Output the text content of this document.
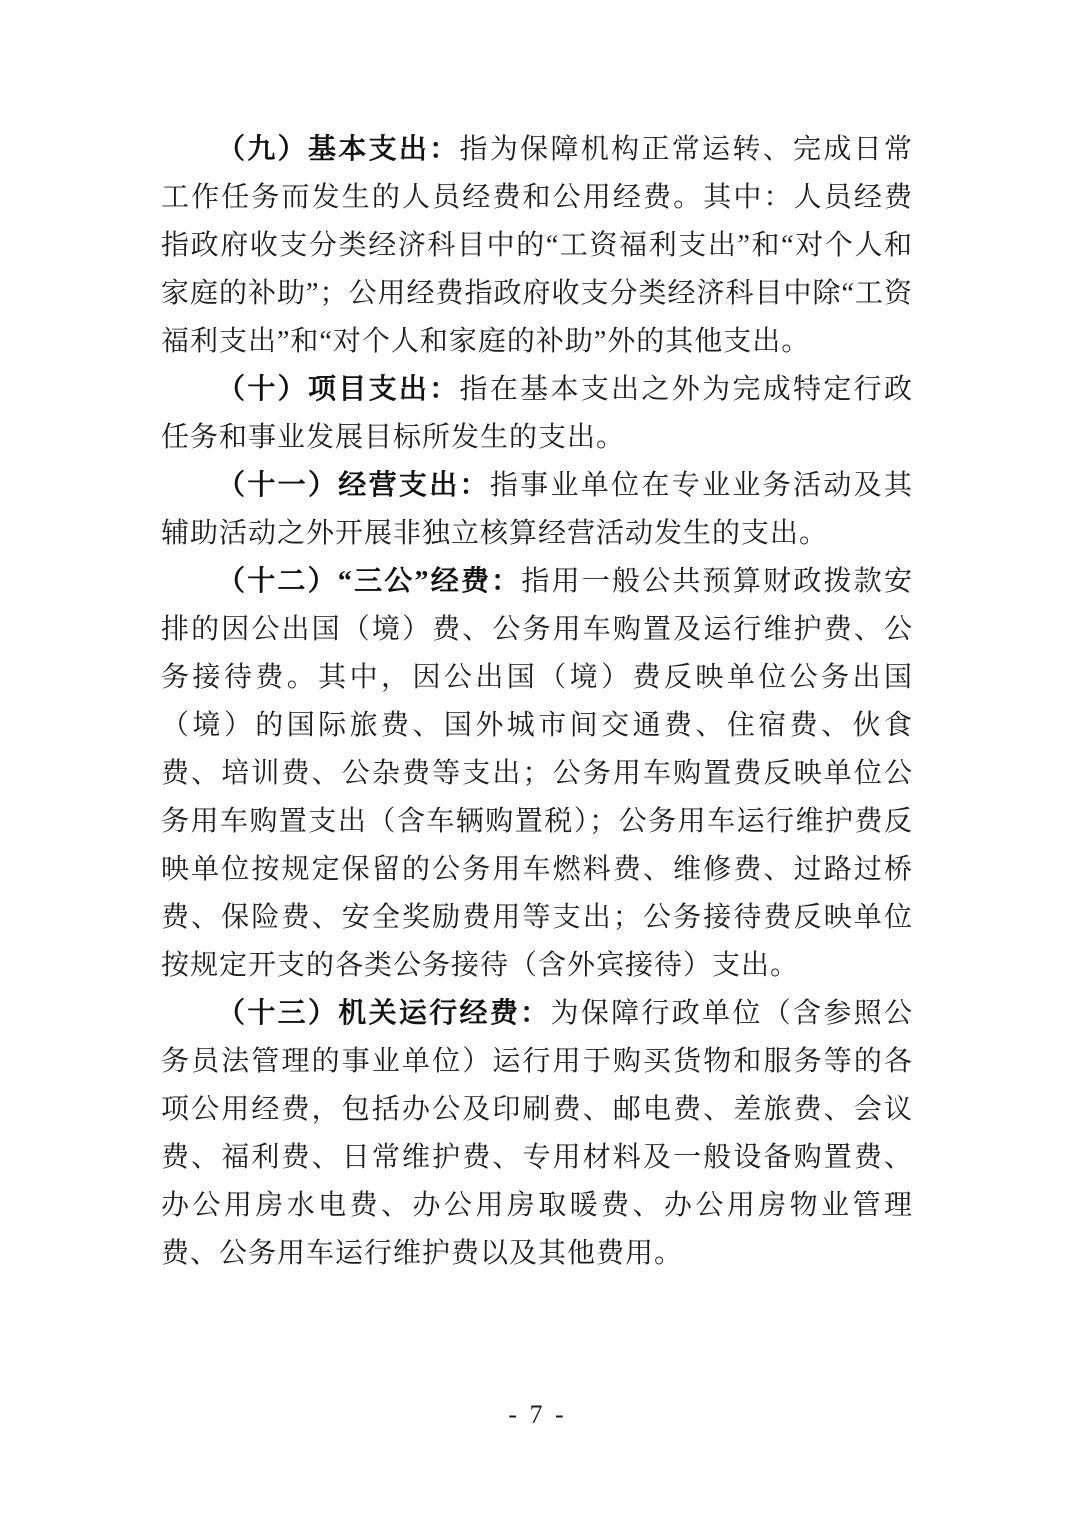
（九）基本支出：指为保障机构正常运转、完成日常工作任务而发生的人员经费和公用经费。其中：人员经费指政府收支分类经济科目中的“工资福利支出”和“对个人和家庭的补助”；公用经费指政府收支分类经济科目中除“工资福利支出”和“对个人和家庭的补助”外的其他支出。

（十）项目支出：指在基本支出之外为完成特定行政任务和事业发展目标所发生的支出。

（十一）经营支出：指事业单位在专业业务活动及其辅助活动之外开展非独立核算经营活动发生的支出。

（十二）“三公”经费：指用一般公共预算财政拨款安排的因公出国（境）费、公务用车购置及运行维护费、公务接待费。其中，因公出国（境）费反映单位公务出国（境）的国际旅费、国外城市间交通费、住宿费、伙食费、培训费、公杂费等支出；公务用车购置费反映单位公务用车购置支出（含车辆购置税）；公务用车运行维护费反映单位按规定保留的公务用车燃料费、维修费、过路过桥费、保险费、安全奖励费用等支出；公务接待费反映单位按规定开支的各类公务接待（含外宾接待）支出。

（十三）机关运行经费：为保障行政单位（含参照公务员法管理的事业单位）运行用于购买货物和服务等的各项公用经费，包括办公及印刷费、邮电费、差旅费、会议费、福利费、日常维护费、专用材料及一般设备购置费、办公用房水电费、办公用房取暖费、办公用房物业管理费、公务用车运行维护费以及其他费用。

- 7 -
